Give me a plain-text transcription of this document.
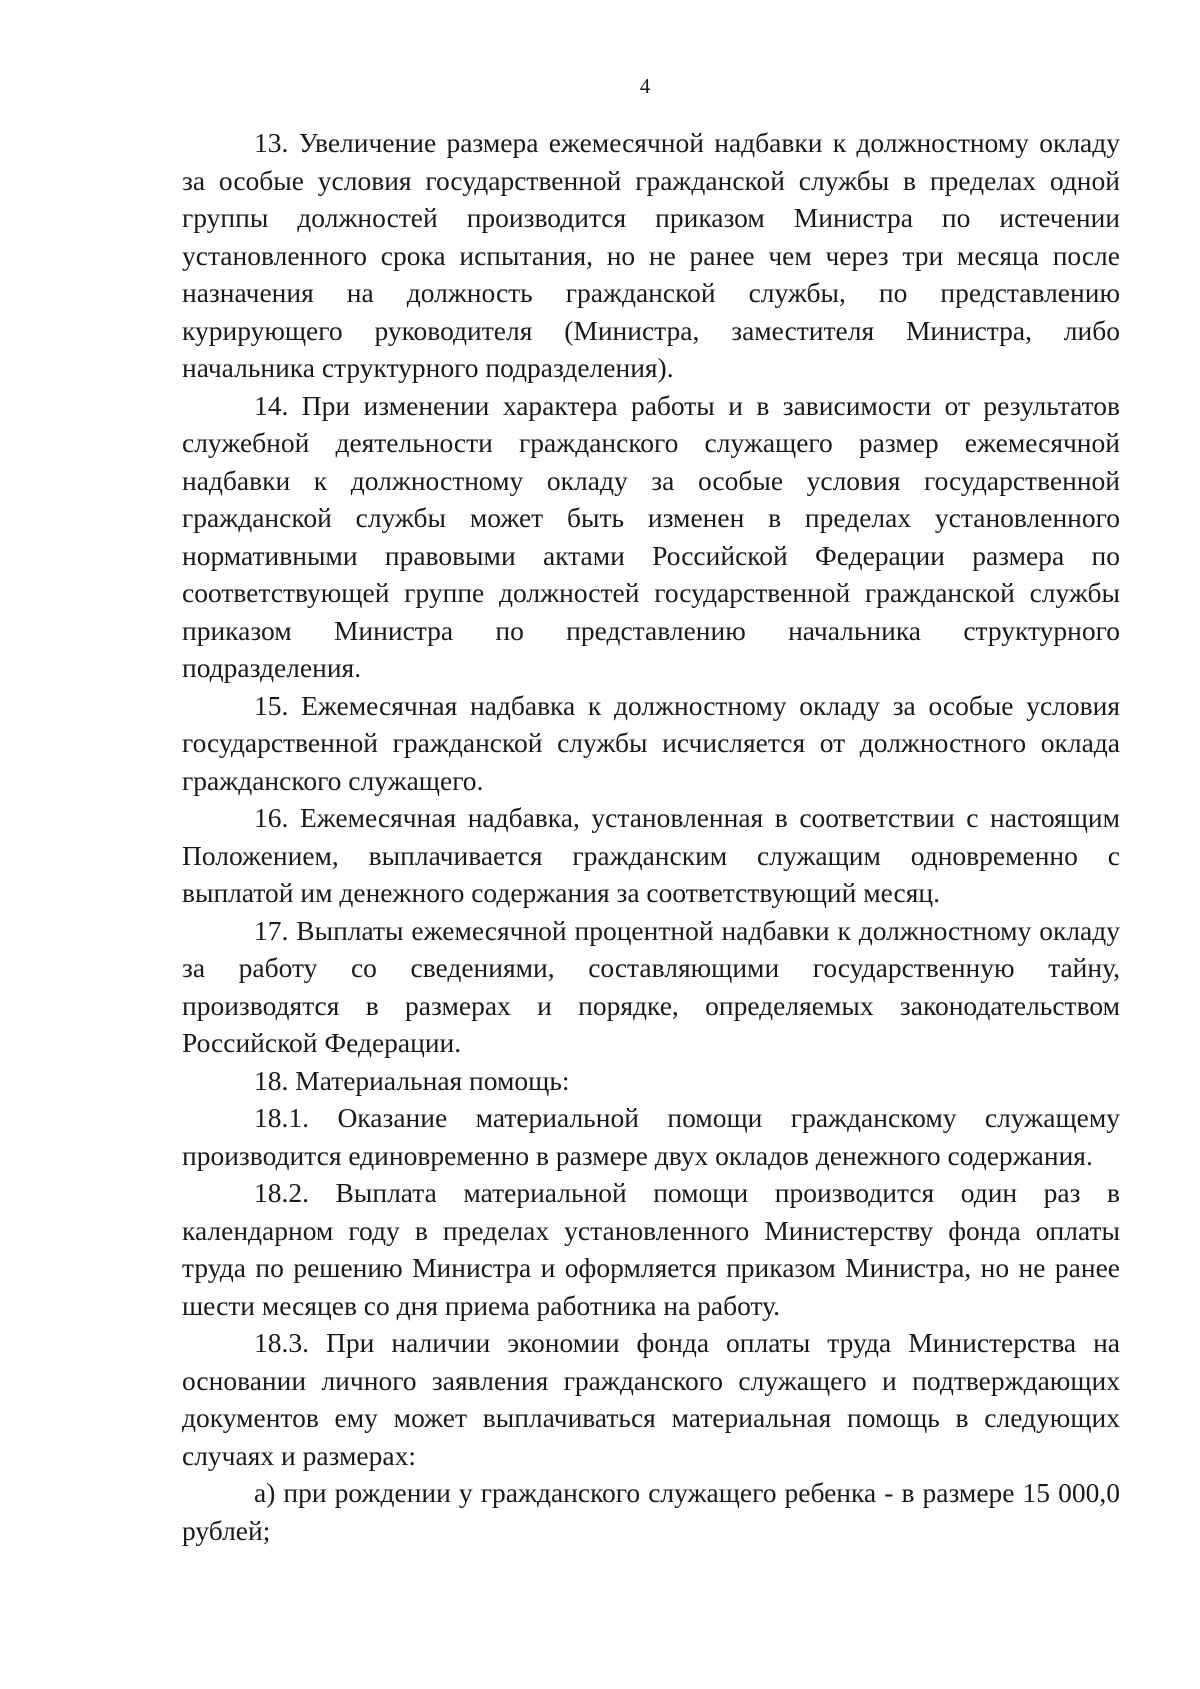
4

13. Увеличение размера ежемесячной надбавки к должностному окладу за особые условия государственной гражданской службы в пределах одной группы должностей производится приказом Министра по истечении установленного срока испытания, но не ранее чем через три месяца после назначения на должность гражданской службы, по представлению курирующего руководителя (Министра, заместителя Министра, либо начальника структурного подразделения).

14. При изменении характера работы и в зависимости от результатов служебной деятельности гражданского служащего размер ежемесячной надбавки к должностному окладу за особые условия государственной гражданской службы может быть изменен в пределах установленного нормативными правовыми актами Российской Федерации размера по соответствующей группе должностей государственной гражданской службы приказом Министра по представлению начальника структурного подразделения.

15. Ежемесячная надбавка к должностному окладу за особые условия государственной гражданской службы исчисляется от должностного оклада гражданского служащего.

16. Ежемесячная надбавка, установленная в соответствии с настоящим Положением, выплачивается гражданским служащим одновременно с выплатой им денежного содержания за соответствующий месяц.

17. Выплаты ежемесячной процентной надбавки к должностному окладу за работу со сведениями, составляющими государственную тайну, производятся в размерах и порядке, определяемых законодательством Российской Федерации.

18. Материальная помощь:

18.1. Оказание материальной помощи гражданскому служащему производится единовременно в размере двух окладов денежного содержания.

18.2. Выплата материальной помощи производится один раз в календарном году в пределах установленного Министерству фонда оплаты труда по решению Министра и оформляется приказом Министра, но не ранее шести месяцев со дня приема работника на работу.

18.3. При наличии экономии фонда оплаты труда Министерства на основании личного заявления гражданского служащего и подтверждающих документов ему может выплачиваться материальная помощь в следующих случаях и размерах:

а) при рождении у гражданского служащего ребенка - в размере 15 000,0 рублей;
